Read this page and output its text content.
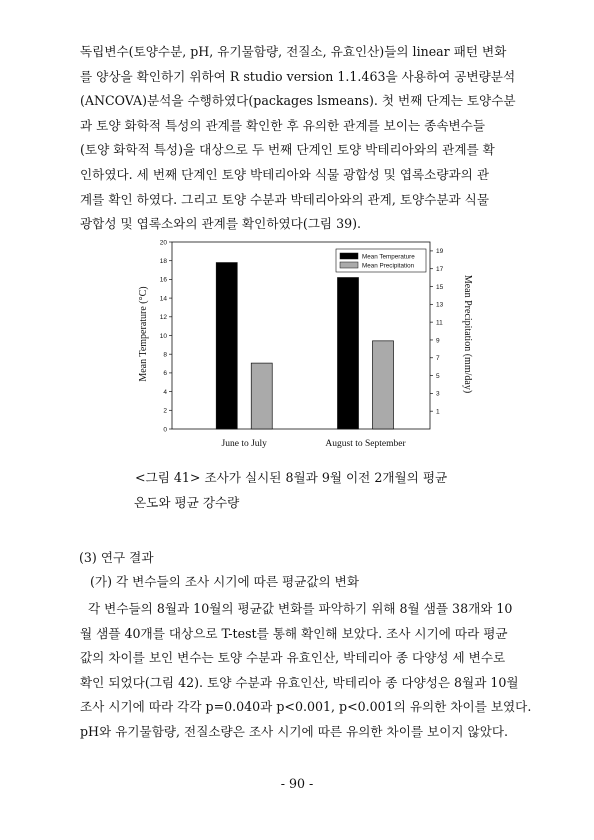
독립변수(토양수분, pH, 유기물함량, 전질소, 유효인산)들의 linear 패턴 변화
를 양상을 확인하기 위하여 R studio version 1.1.463을 사용하여 공변량분석
(ANCOVA)분석을 수행하였다(packages lsmeans). 첫 번째 단계는 토양수분
과 토양 화학적 특성의 관계를 확인한 후 유의한 관계를 보이는 종속변수들
(토양 화학적 특성)을 대상으로 두 번째 단계인 토양 박테리아와의 관계를 확
인하였다. 세 번째 단계인 토양 박테리아와 식물 광합성 및 엽록소량과의 관
계를 확인 하였다. 그리고 토양 수분과 박테리아와의 관계, 토양수분과 식물
광합성 및 엽록소와의 관계를 확인하였다(그림 39).
0
2
4
6
8
10
12
14
16
18
20
1
3
5
7
9
11
13
15
17
19
June to July	August to September
Mean Temperature (°C)	Mean Precipitation (mm/day)
Mean Temperature
Mean Precipitation
<그림 41> 조사가 실시된 8월과 9월 이전 2개월의 평균
온도와 평균 강수량
(3) 연구 결과
(가) 각 변수들의 조사 시기에 따른 평균값의 변화
각 변수들의 8월과 10월의 평균값 변화를 파악하기 위해 8월 샘플 38개와 10
월 샘플 40개를 대상으로 T-test를 통해 확인해 보았다. 조사 시기에 따라 평균
값의 차이를 보인 변수는 토양 수분과 유효인산, 박테리아 종 다양성 세 변수로
확인 되었다(그림 42). 토양 수분과 유효인산, 박테리아 종 다양성은 8월과 10월
조사 시기에 따라 각각 p=0.040과 p<0.001, p<0.001의 유의한 차이를 보였다.
pH와 유기물함량, 전질소량은 조사 시기에 따른 유의한 차이를 보이지 않았다.
- 90 -
